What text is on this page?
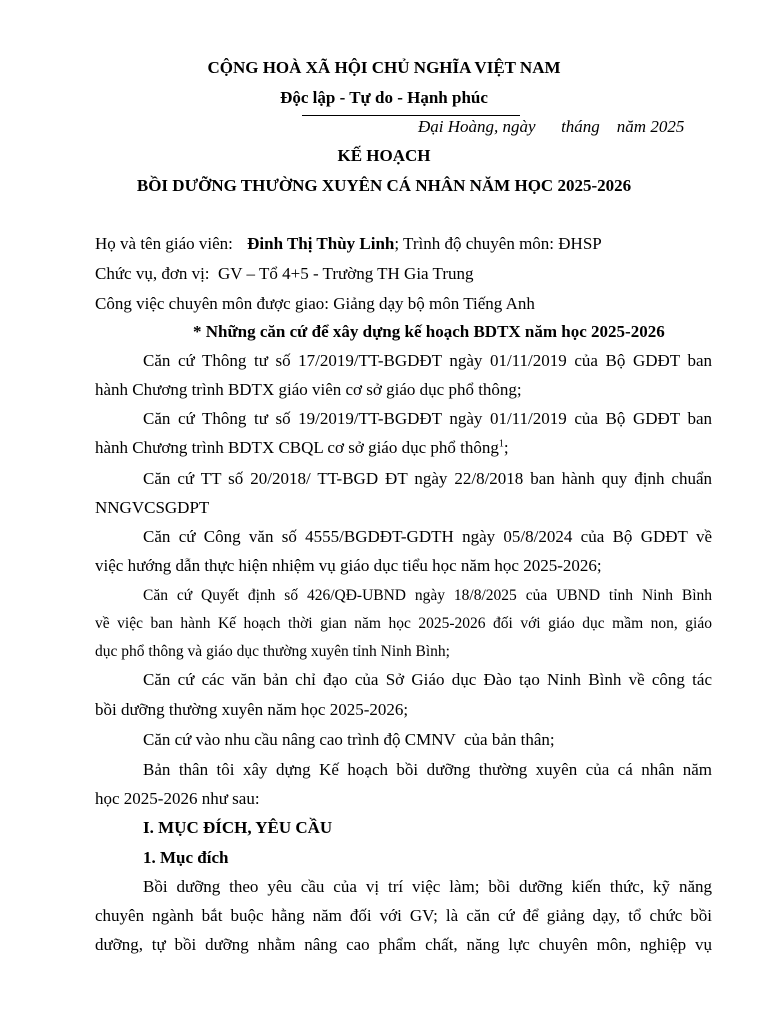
CỘNG HOÀ XÃ HỘI CHỦ NGHĨA VIỆT NAM
Độc lập - Tự do - Hạnh phúc
Đại Hoàng, ngày      tháng    năm 2025
KẾ HOẠCH
BỒI DƯỠNG THƯỜNG XUYÊN CÁ NHÂN NĂM HỌC 2025-2026
Họ và tên giáo viên: Đinh Thị Thùy Linh; Trình độ chuyên môn: ĐHSP
Chức vụ, đơn vị:  GV – Tổ 4+5 - Trường TH Gia Trung
Công việc chuyên môn được giao: Giảng dạy bộ môn Tiếng Anh
* Những căn cứ để xây dựng kế hoạch BDTX năm học 2025-2026
Căn cứ Thông tư số 17/2019/TT-BGDĐT ngày 01/11/2019 của Bộ GDĐT ban
hành Chương trình BDTX giáo viên cơ sở giáo dục phổ thông;
Căn cứ Thông tư số 19/2019/TT-BGDĐT ngày 01/11/2019 của Bộ GDĐT ban
hành Chương trình BDTX CBQL cơ sở giáo dục phổ thông$^1$;
Căn cứ TT số 20/2018/ TT-BGD ĐT ngày 22/8/2018 ban hành quy định chuẩn
NNGVCSGDPT
Căn cứ Công văn số 4555/BGDĐT-GDTH ngày 05/8/2024 của Bộ GDĐT về
việc hướng dẫn thực hiện nhiệm vụ giáo dục tiểu học năm học 2025-2026;
Căn cứ Quyết định số 426/QĐ-UBND ngày 18/8/2025 của UBND tỉnh Ninh Bình
về việc ban hành Kế hoạch thời gian năm học 2025-2026 đối với giáo dục mầm non, giáo
dục phổ thông và giáo dục thường xuyên tỉnh Ninh Bình;
Căn cứ các văn bản chỉ đạo của Sở Giáo dục Đào tạo Ninh Bình về công tác
bồi dưỡng thường xuyên năm học 2025-2026;
Căn cứ vào nhu cầu nâng cao trình độ CMNV  của bản thân;
Bản thân tôi xây dựng Kế hoạch bồi dưỡng thường xuyên của cá nhân năm
học 2025-2026 như sau:
I. MỤC ĐÍCH, YÊU CẦU
1. Mục đích
Bồi dưỡng theo yêu cầu của vị trí việc làm; bồi dưỡng kiến thức, kỹ năng
chuyên ngành bắt buộc hằng năm đối với GV; là căn cứ để giảng dạy, tổ chức bồi
dưỡng, tự bồi dưỡng nhằm nâng cao phẩm chất, năng lực chuyên môn, nghiệp vụ
